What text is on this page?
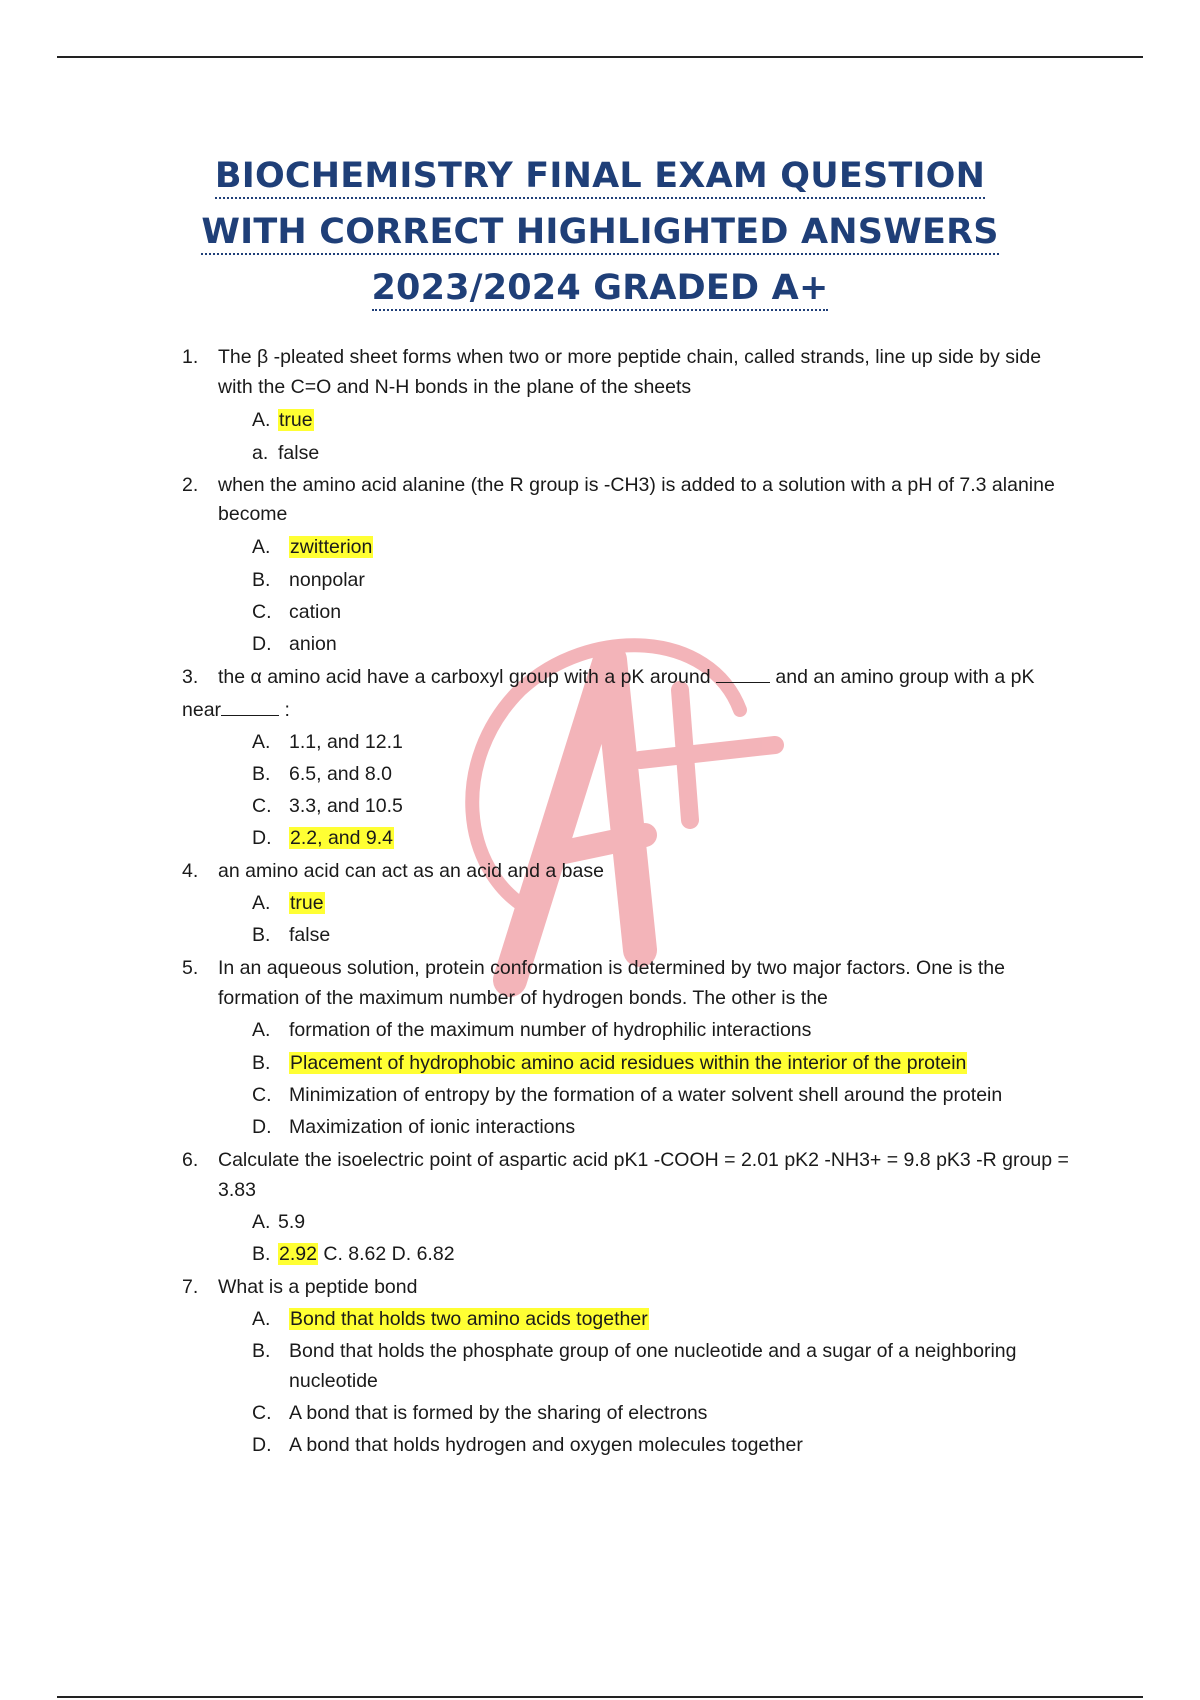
BIOCHEMISTRY FINAL EXAM QUESTION
WITH CORRECT HIGHLIGHTED ANSWERS
2023/2024 GRADED A+
1. The β -pleated sheet forms when two or more peptide chain, called strands, line up side by side
with the C=O and N-H bonds in the plane of the sheets
A. true
a. false
2. when the amino acid alanine (the R group is -CH3) is added to a solution with a pH of 7.3 alanine
become
A. zwitterion
B. nonpolar
C. cation
D. anion
3. the α amino acid have a carboxyl group with a pK around	and an amino group with a pK
near	:
A. 1.1, and 12.1
B. 6.5, and 8.0
C. 3.3, and 10.5
D. 2.2, and 9.4
4. an amino acid can act as an acid and a base
A. true
B. false
5. In an aqueous solution, protein conformation is determined by two major factors. One is the
formation of the maximum number of hydrogen bonds. The other is the
A. formation of the maximum number of hydrophilic interactions
B. Placement of hydrophobic amino acid residues within the interior of the protein
C. Minimization of entropy by the formation of a water solvent shell around the protein
D. Maximization of ionic interactions
6. Calculate the isoelectric point of aspartic acid pK1 -COOH = 2.01 pK2 -NH3+ = 9.8 pK3 -R group =
3.83
A. 5.9
B. 2.92 C. 8.62 D. 6.82
7. What is a peptide bond
A. Bond that holds two amino acids together
B. Bond that holds the phosphate group of one nucleotide and a sugar of a neighboring
nucleotide
C. A bond that is formed by the sharing of electrons
D. A bond that holds hydrogen and oxygen molecules together
